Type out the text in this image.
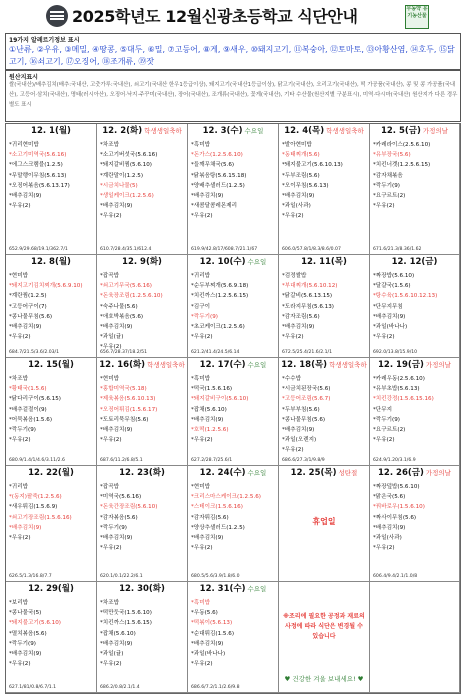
2025학년도 12월신광초등학교 식단안내	무농약 유기농산물
19가지 알레르기정보 표시
①난류, ②우유, ③메밀, ④땅콩, ⑤대두, ⑥밀, ⑦고등어, ⑧게, ⑨새우, ⑩돼지고기, ⑪복숭아, ⑫토마토, ⑬아황산염, ⑭호두, ⑮닭고기, ⑯쇠고기, ⑰오징어, ⑱조개류, ⑲잣
원산지표시
쌀(국내산)/배추김치(배추:국내산, 고춧가루:국내산), 쇠고기(국내산 한우1등급이상), 돼지고기(국내산1등급이상), 닭고기(국내산), 오리고기(국내산), 떡 가공품(국내산), 콩 및 콩 가공품(국내산), 고등어·삼치(국내산), 명태(러시아산), 오징어·낙지·주꾸미(국내산), 장어(국내산), 조개류(국내산), 꽃게(국내산), 기타 수산물(원산지별 구분표시), 미역·다시마(국내산) 원산지가 다른 경우 별도 표시
12. 1(월)
*귀리현미밥
*소고기미역국(5.6.16)
*에그스크램블(1.2.5)
*무말랭이무침(5.6.13)
*오징어볶음(5.6.13.17)
*배추김치(9)
*우유(2)
652.9/29.68/19.1/362.7/1
12. 2(화) 학생생일축하
*차조밥
*소고기버섯국(5.6.16)
*돼지갈비찜(5.6.10)
*계란말이(1.2.5)
*시금치나물(5)
*생일케이크(1.2.5.6)
*배추김치(9)
*우유(2)
610.7/28.4/35.1/612.4
12. 3(수) 수요일
*흑미밥
*돈가스(1.2.5.6.10)
*들깨무채국(5.6)
*닭볶음탕(5.6.15.18)
*양배추샐러드(1.2.5)
*배추김치(9)
*새콤달콤레몬제리
*우유(2)
619.9/42.8/17/608.7/21.1/67
12. 4(목) 학생생일축하
*발아현미밥
*동태찌개(5.6)
*돼지불고기(5.6.10.13)
*두부조림(5.6)
*오이무침(5.6.13)
*배추김치(9)
*과일(사과)
*우유(2)
606.0/57.8/1/8.3/8.6/0.07
12. 5(금) 가정의날
*카레라이스(2.5.6.10)
*유부장국(5.6)
*치킨너겟(1.2.5.6.15)
*감자채볶음
*깍두기(9)
*요구르트(2)
*우유(2)
671.6/21.3/8.36/1.62
12. 8(월)
*현미밥
*돼지고기김치찌개(5.6.9.10)
*계란찜(1.2.5)
*고등어구이(7)
*콩나물무침(5.6)
*배추김치(9)
*우유(2)
684.7/21.5/3.6/2.03/1
12. 9(화)
*잡곡밥
*쇠고기무국(5.6.16)
*돈육장조림(1.2.5.6.10)
*숙주나물(5.6)
*애호박볶음(5.6)
*배추김치(9)
*과일(귤)
*우유(2)
656.7/28.37/18.2/51
12. 10(수) 수요일
*귀리밥
*순두부찌개(5.6.9.18)
*치킨까스(1.2.5.6.15)
*김구이
*깍두기(9)
*초코케이크(1.2.5.6)
*우유(2)
621.2/41.4/24.5/6.14
12. 11(목)
*검정쌀밥
*부대찌개(5.6.10.12)
*닭갈비(5.6.13.15)
*도라지무침(5.6.13)
*감자조림(5.6)
*배추김치(9)
*우유(2)
672.5/25.4/21.6/2.1/1
12. 12(금)
*짜장밥(5.6.10)
*달걀국(1.5.6)
*탕수육(1.5.6.10.12.13)
*단무지무침
*배추김치(9)
*과일(바나나)
*우유(2)
692.0/13.8/15.9/10
12. 15(월)
*차조밥
*황태국(1.5.6)
*닭다리구이(5.6.15)
*배추겉절이(9)
*어묵볶음(1.5.6)
*깍두기(9)
*우유(2)
680.9/1.4/1/4.6/3.11/2.6
12. 16(화) 학생생일축하
*현미밥
*홍합미역국(5.18)
*제육볶음(5.6.10.13)
*오징어튀김(1.5.6.17)
*도토리묵무침(5.6)
*배추김치(9)
*우유(2)
687.6/11.2/6.8/5.1
12. 17(수) 수요일
*흑미밥
*떡국(1.5.6.16)
*돼지갈비구이(5.6.10)
*잡채(5.6.10)
*배추김치(9)
*호떡(1.2.5.6)
*우유(2)
627.2/28.7/25.6/1
12. 18(목) 학생생일축하
*수수밥
*시금치된장국(5.6)
*고등어조림(5.6.7)
*두부부침(5.6)
*콩나물무침(5.6)
*배추김치(9)
*과일(오렌지)
*우유(2)
686.6/27.3/1/9.8/9
12. 19(금) 가정의날
*카레우동(2.5.6.10)
*유부초밥(5.6.13)
*치킨강정(1.5.6.15.16)
*단무지
*깍두기(9)
*요구르트(2)
*우유(2)
624.9/1.20/3.1/6.9
12. 22(월)
*귀리밥
*(동지)팥죽(1.2.5.6)
*새우튀김(1.5.6.9)
*쇠고기장조림(1.5.6.16)
*배추김치(9)
*우유(2)
626.5/1.3/16.8/7.7
12. 23(화)
*잡곡밥
*미역국(5.6.16)
*돈육간장조림(5.6.10)
*감자볶음(5.6)
*깍두기(9)
*배추김치(9)
*우유(2)
620.1/0.1/22.2/6.1
12. 24(수) 수요일
*현미밥
*크리스마스케이크(1.2.5.6)
*스테이크(1.5.6.16)
*감자튀김(5.6)
*양상추샐러드(1.2.5)
*배추김치(9)
*우유(2)
680.5/5.6/3.9/1.8/6.0
12. 25(목) 성탄절
휴업일
12. 26(금) 가정의날
*짜장덮밥(5.6.10)
*맑은국(5.6)
*꿔바로우(1.5.6.10)
*짜사이무침(5.6)
*배추김치(9)
*과일(사과)
*우유(2)
606.4/9.4/2.1/1.0/8
12. 29(월)
*보리밥
*콩나물국(5)
*돼지불고기(5.6.10)
*멸치볶음(5.6)
*깍두기(9)
*배추김치(9)
*우유(2)
627.1/81/0.8/6.7/1.1
12. 30(화)
*차조밥
*떡만둣국(1.5.6.10)
*치킨까스(1.5.6.15)
*잡채(5.6.10)
*배추김치(9)
*과일(귤)
*우유(2)
686.2/0.8/2.1/1.4
12. 31(수) 수요일
*흑미밥
*우동(5.6)
*떡볶이(5.6.13)
*순대튀김(1.5.6)
*배추김치(9)
*과일(바나나)
*우유(2)
686.6/7.2/1.1/2.6/9.8
※조리에 필요한 공정과 재료의 사정에 따라 식단은 변경될 수 있습니다
♥ 건강한 겨울 보내세요! ♥
